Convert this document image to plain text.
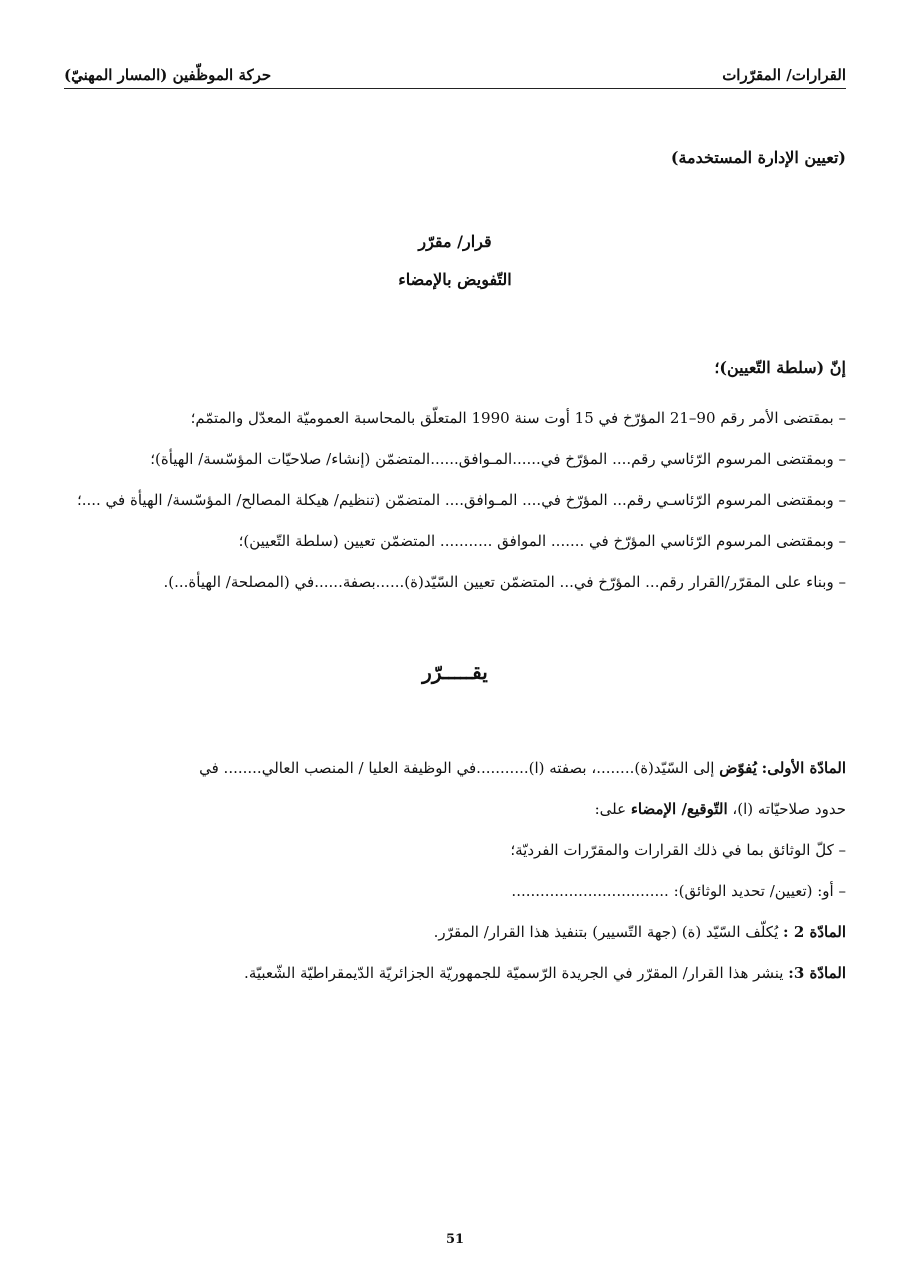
القرارات/ المقرّرات
حركة الموظّفين (المسار المهنيّ)
(تعيين الإدارة المستخدمة)
قرار/ مقرّر
التّفويض بالإمضاء
إنّ (سلطة التّعيين)؛

– بمقتضى الأمر رقم 90–21 المؤرّخ في 15 أوت سنة 1990 المتعلّق بالمحاسبة العموميّة المعدّل والمتمّم؛

– وبمقتضى المرسوم الرّئاسي رقم.... المؤرّخ في......المـوافق......المتضمّن (إنشاء/ صلاحيّات المؤسّسة/ الهيأة)؛

– وبمقتضى المرسوم الرّئاسـي رقم... المؤرّخ في.... المـوافق.... المتضمّن (تنظيم/ هيكلة المصالح/ المؤسّسة/ الهيأة في ....؛

– وبمقتضى المرسوم الرّئاسي المؤرّخ في ....... الموافق ........... المتضمّن تعيين (سلطة التّعيين)؛

– وبناء على المقرّر/القرار رقم... المؤرّخ في... المتضمّن تعيين السّيّد(ة)......بصفة......في (المصلحة/ الهيأة...).

يقـــــرّر

المادّة الأولى: يُفوّض إلى السّيّد(ة)........، بصفته (ا)...........في الوظيفة العليا / المنصب العالي........ في

حدود صلاحيّاته (ا)، التّوقيع/ الإمضاء على:

– كلّ الوثائق بما في ذلك القرارات والمقرّرات الفرديّة؛

– أو: (تعيين/ تحديد الوثائق): .................................

المادّة 2 : يُكلّف السّيّد (ة) (جهة التّسيير) بتنفيذ هذا القرار/ المقرّر.

المادّة 3: ينشر هذا القرار/ المقرّر في الجريدة الرّسميّة للجمهوريّة الجزائريّة الدّيمقراطيّة الشّعبيّة.

51
